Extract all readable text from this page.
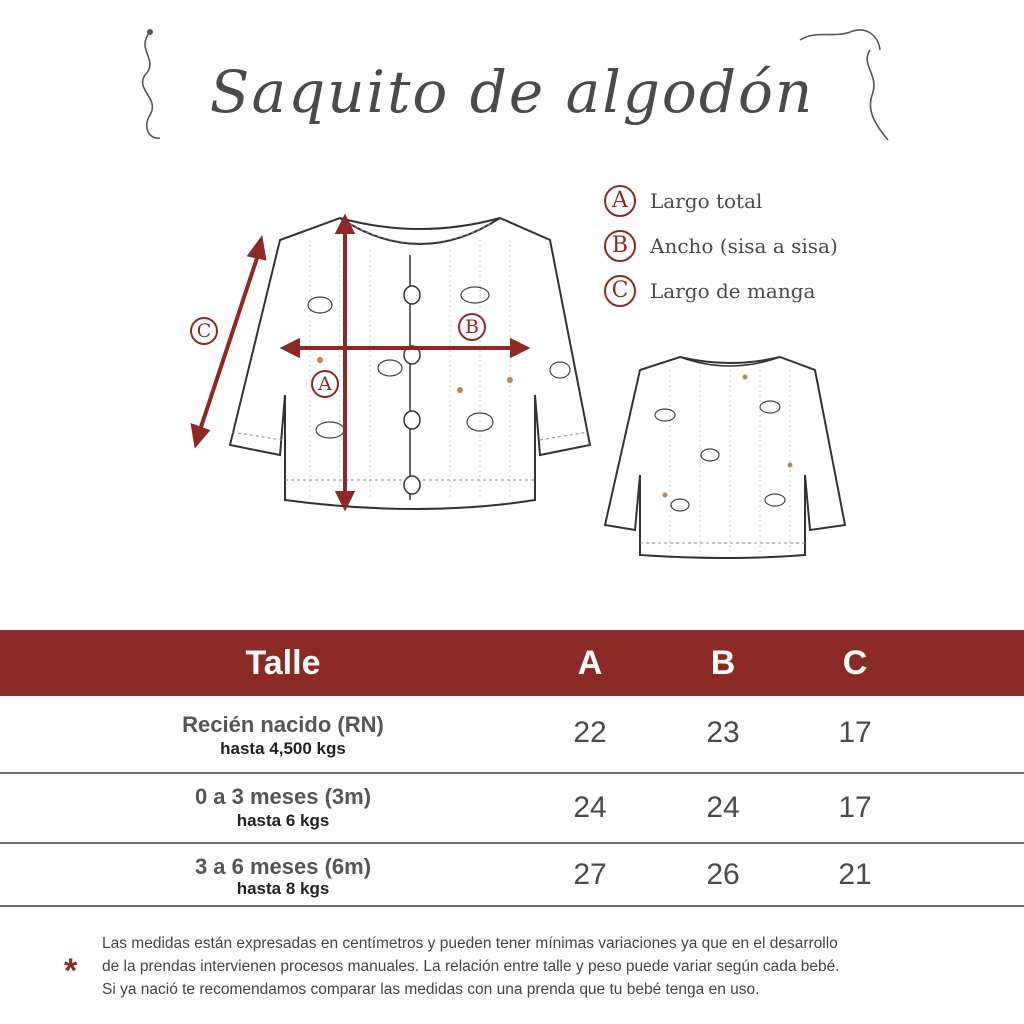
Saquito de algodón
A
B
C
A	Largo total
B	Ancho (sisa a sisa)
C	Largo de manga
Talle	A	B	C
Recién nacido (RN)
hasta 4,500 kgs	22	23	17
0 a 3 meses (3m)
hasta 6 kgs	24	24	17
3 a 6 meses (6m)
hasta 8 kgs	27	26	21
*
Las medidas están expresadas en centímetros y pueden tener mínimas variaciones ya que en el desarrollo
de la prendas intervienen procesos manuales. La relación entre talle y peso puede variar según cada bebé.
Si ya nació te recomendamos comparar las medidas con una prenda que tu bebé tenga en uso.
